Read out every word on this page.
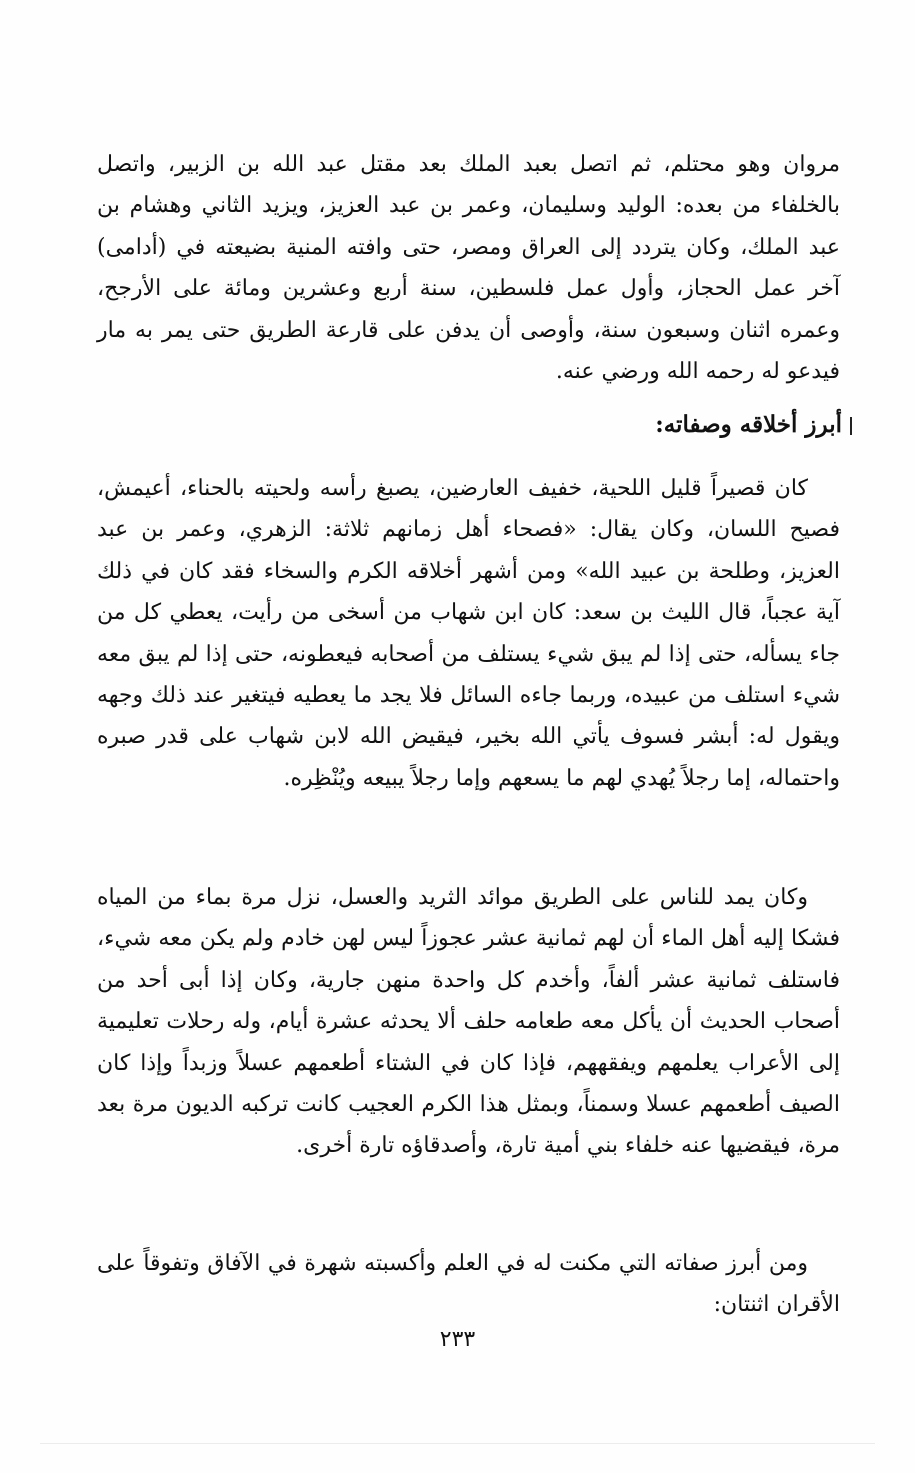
مروان وهو محتلم، ثم اتصل بعبد الملك بعد مقتل عبد الله بن الزبير، واتصل بالخلفاء من بعده: الوليد وسليمان، وعمر بن عبد العزيز، ويزيد الثاني وهشام بن عبد الملك، وكان يتردد إلى العراق ومصر، حتى وافته المنية بضيعته في (أدامى) آخر عمل الحجاز، وأول عمل فلسطين، سنة أربع وعشرين ومائة على الأرجح، وعمره اثنان وسبعون سنة، وأوصى أن يدفن على قارعة الطريق حتى يمر به مار فيدعو له رحمه الله ورضي عنه.

أبرز أخلاقه وصفاته:

كان قصيراً قليل اللحية، خفيف العارضين، يصبغ رأسه ولحيته بالحناء، أعيمش، فصيح اللسان، وكان يقال: «فصحاء أهل زمانهم ثلاثة: الزهري، وعمر بن عبد العزيز، وطلحة بن عبيد الله» ومن أشهر أخلاقه الكرم والسخاء فقد كان في ذلك آية عجباً، قال الليث بن سعد: كان ابن شهاب من أسخى من رأيت، يعطي كل من جاء يسأله، حتى إذا لم يبق شيء يستلف من أصحابه فيعطونه، حتى إذا لم يبق معه شيء استلف من عبيده، وربما جاءه السائل فلا يجد ما يعطيه فيتغير عند ذلك وجهه ويقول له: أبشر فسوف يأتي الله بخير، فيقيض الله لابن شهاب على قدر صبره واحتماله، إما رجلاً يُهدي لهم ما يسعهم وإما رجلاً يبيعه ويُنْظِره.

وكان يمد للناس على الطريق موائد الثريد والعسل، نزل مرة بماء من المياه فشكا إليه أهل الماء أن لهم ثمانية عشر عجوزاً ليس لهن خادم ولم يكن معه شيء، فاستلف ثمانية عشر ألفاً، وأخدم كل واحدة منهن جارية، وكان إذا أبى أحد من أصحاب الحديث أن يأكل معه طعامه حلف ألا يحدثه عشرة أيام، وله رحلات تعليمية إلى الأعراب يعلمهم ويفقههم، فإذا كان في الشتاء أطعمهم عسلاً وزبداً وإذا كان الصيف أطعمهم عسلا وسمناً، وبمثل هذا الكرم العجيب كانت تركبه الديون مرة بعد مرة، فيقضيها عنه خلفاء بني أمية تارة، وأصدقاؤه تارة أخرى.

ومن أبرز صفاته التي مكنت له في العلم وأكسبته شهرة في الآفاق وتفوقاً على الأقران اثنتان:

٢٣٣
